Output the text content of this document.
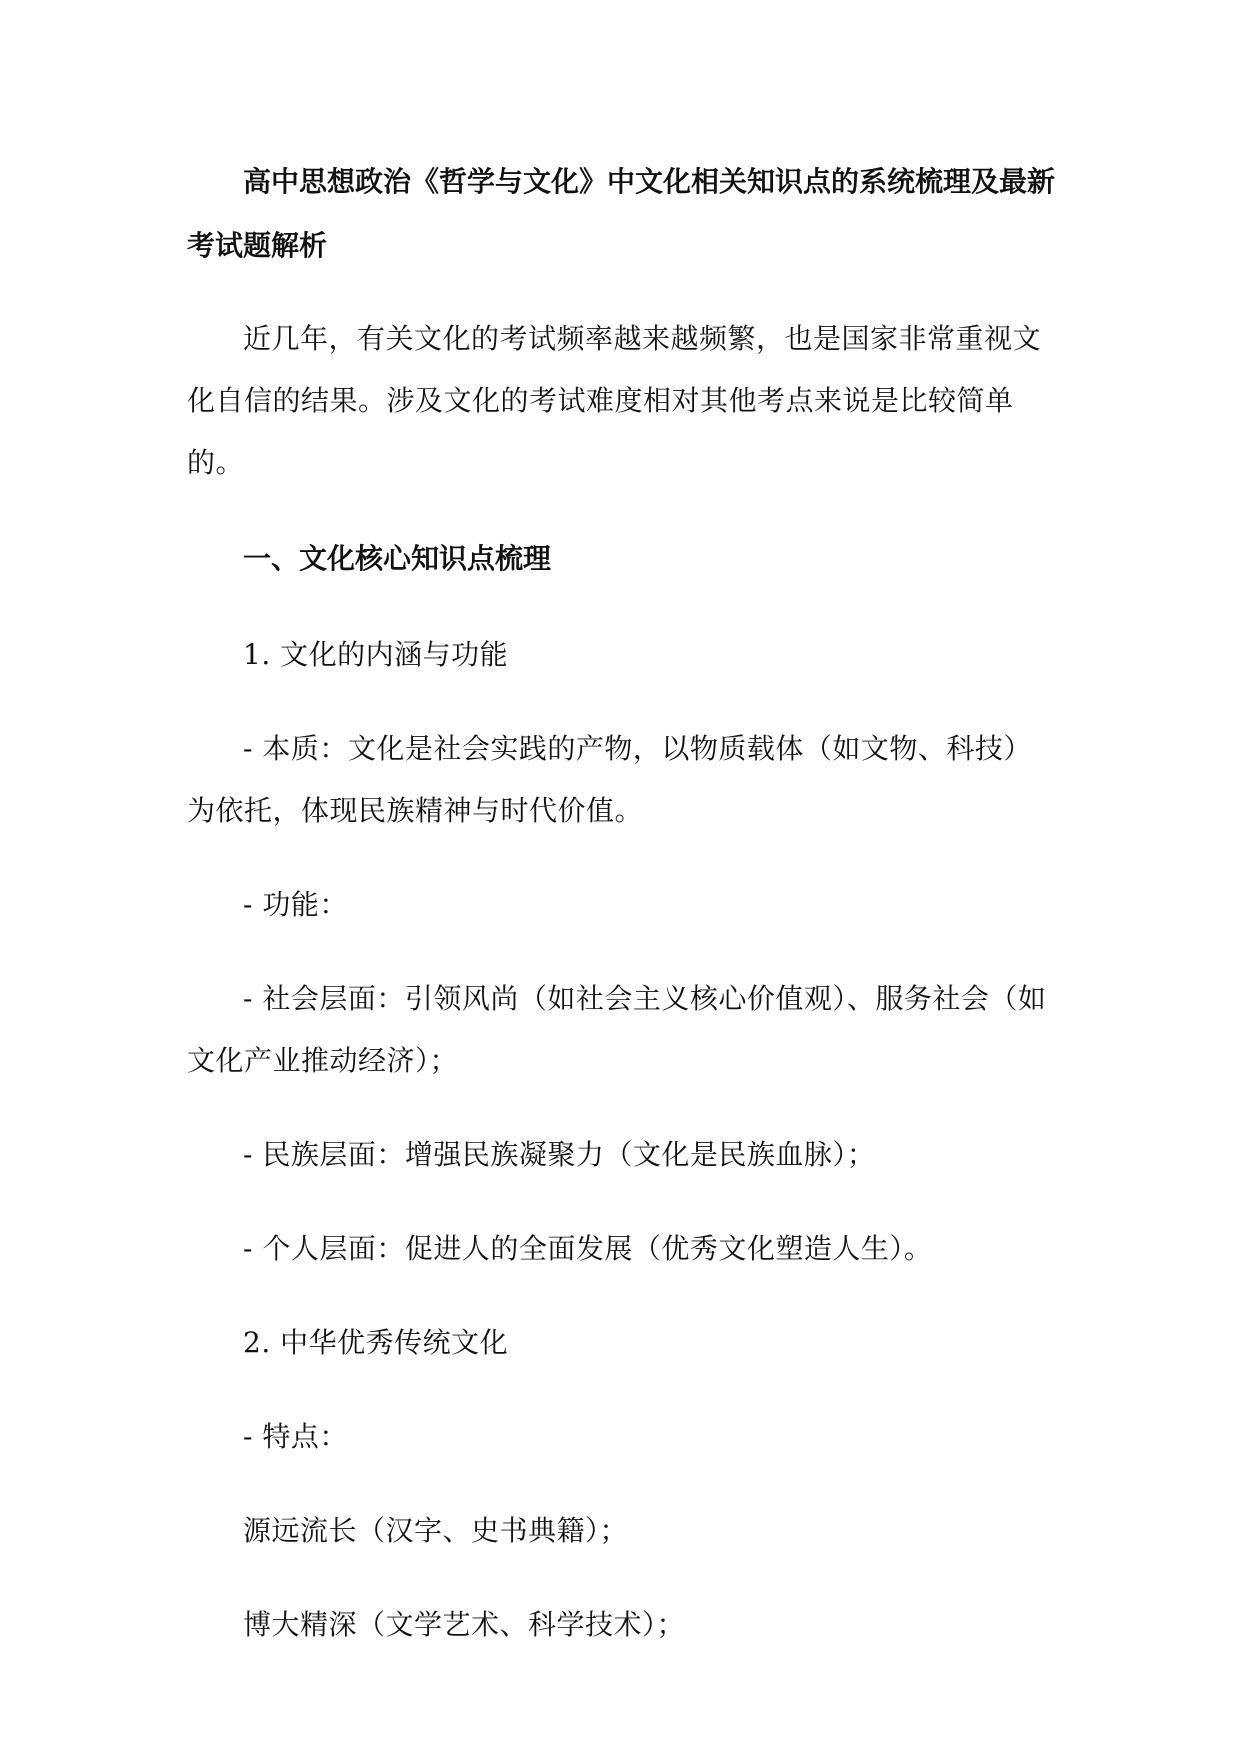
高中思想政治《哲学与文化》中文化相关知识点的系统梳理及最新考试题解析

近几年，有关文化的考试频率越来越频繁，也是国家非常重视文化自信的结果。涉及文化的考试难度相对其他考点来说是比较简单的。

一、文化核心知识点梳理

1. 文化的内涵与功能

- 本质：文化是社会实践的产物，以物质载体（如文物、科技）为依托，体现民族精神与时代价值。

- 功能：

- 社会层面：引领风尚（如社会主义核心价值观）、服务社会（如文化产业推动经济）；

- 民族层面：增强民族凝聚力（文化是民族血脉）；

- 个人层面：促进人的全面发展（优秀文化塑造人生）。

2. 中华优秀传统文化

- 特点：

源远流长（汉字、史书典籍）；

博大精深（文学艺术、科学技术）；
